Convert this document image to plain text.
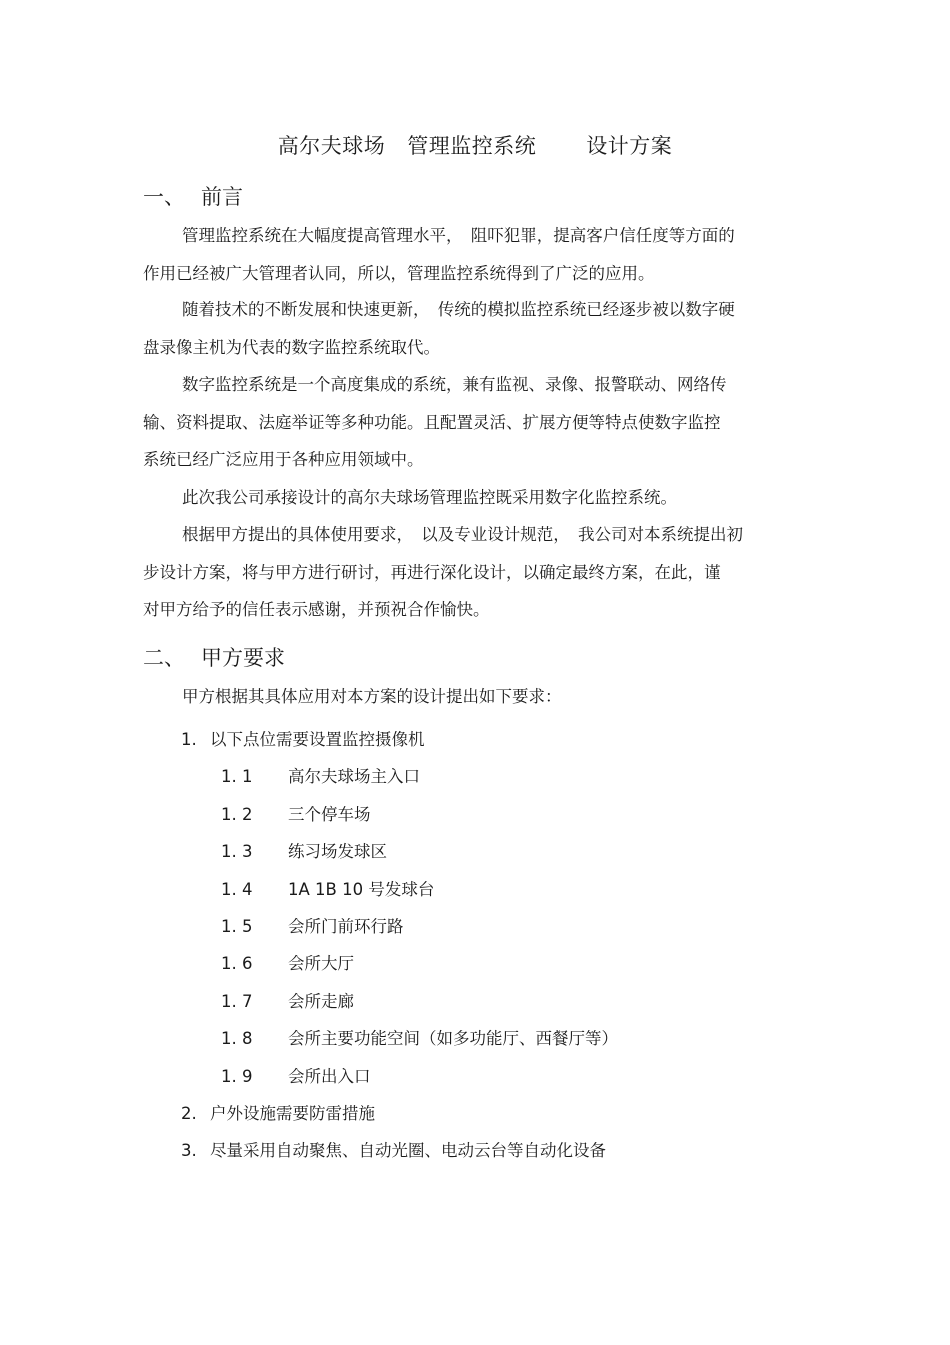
高尔夫球场 管理监控系统 设计方案
一、 前言
管理监控系统在大幅度提高管理水平，　阻吓犯罪，提高客户信任度等方面的
作用已经被广大管理者认同，所以，管理监控系统得到了广泛的应用。
随着技术的不断发展和快速更新，　传统的模拟监控系统已经逐步被以数字硬
盘录像主机为代表的数字监控系统取代。
数字监控系统是一个高度集成的系统，兼有监视、录像、报警联动、网络传
输、资料提取、法庭举证等多种功能。且配置灵活、扩展方便等特点使数字监控
系统已经广泛应用于各种应用领域中。
此次我公司承接设计的高尔夫球场管理监控既采用数字化监控系统。
根据甲方提出的具体使用要求，　以及专业设计规范，　我公司对本系统提出初
步设计方案，将与甲方进行研讨，再进行深化设计，以确定最终方案，在此，谨
对甲方给予的信任表示感谢，并预祝合作愉快。
二、 甲方要求
甲方根据其具体应用对本方案的设计提出如下要求：
1. 以下点位需要设置监控摄像机
1. 1 高尔夫球场主入口
1. 2 三个停车场
1. 3 练习场发球区
1. 4 1A 1B 10 号发球台
1. 5 会所门前环行路
1. 6 会所大厅
1. 7 会所走廊
1. 8 会所主要功能空间（如多功能厅、西餐厅等）
1. 9 会所出入口
2. 户外设施需要防雷措施
3. 尽量采用自动聚焦、自动光圈、电动云台等自动化设备
